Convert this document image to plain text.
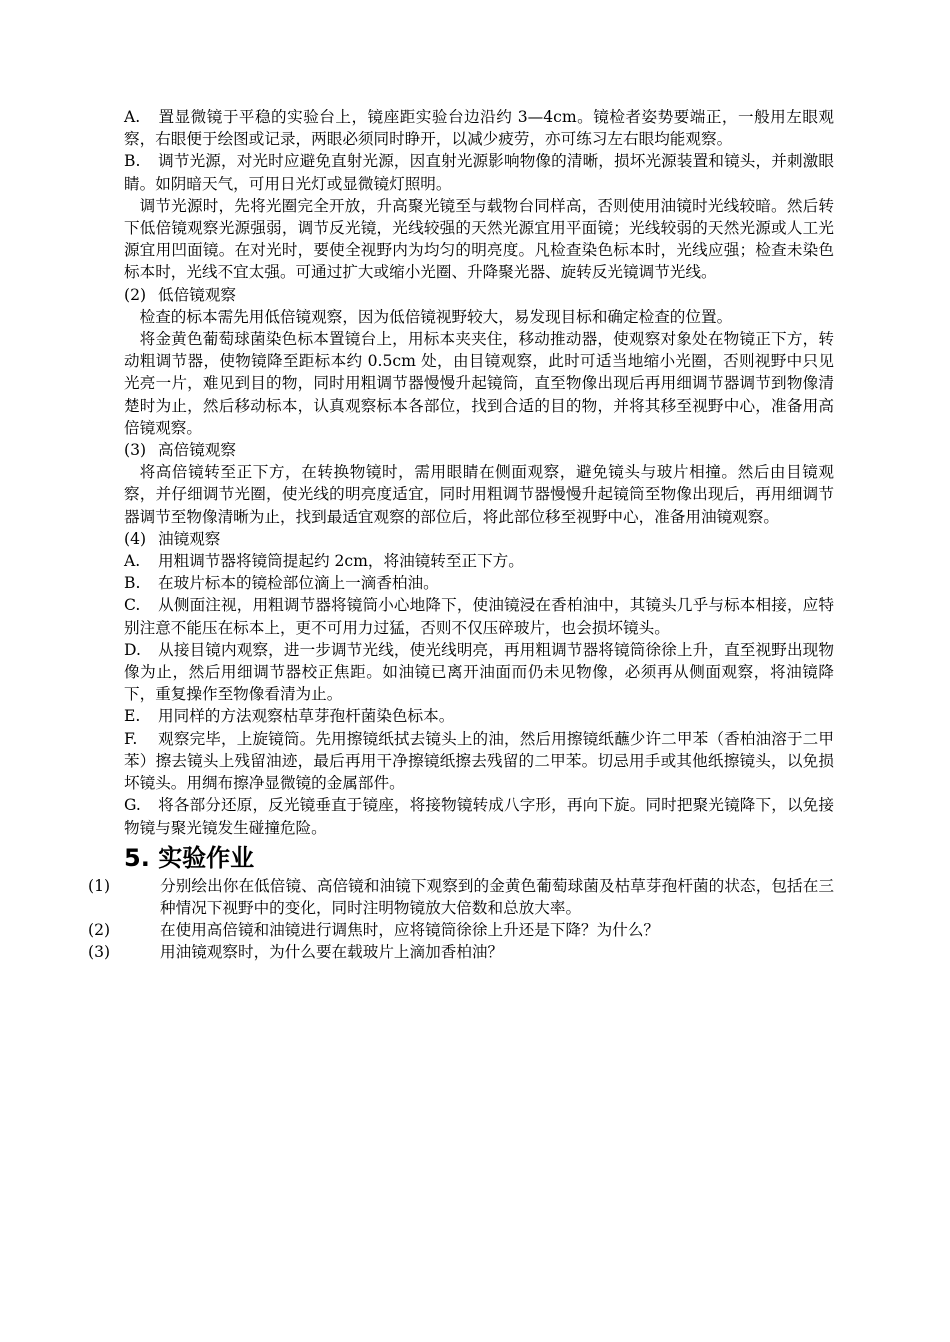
A. 置显微镜于平稳的实验台上，镜座距实验台边沿约 3—4cm。镜检者姿势要端正，一般用左眼观察，右眼便于绘图或记录，两眼必须同时睁开，以减少疲劳，亦可练习左右眼均能观察。

B. 调节光源，对光时应避免直射光源，因直射光源影响物像的清晰，损坏光源装置和镜头，并刺激眼睛。如阴暗天气，可用日光灯或显微镜灯照明。

调节光源时，先将光圈完全开放，升高聚光镜至与载物台同样高，否则使用油镜时光线较暗。然后转下低倍镜观察光源强弱，调节反光镜，光线较强的天然光源宜用平面镜；光线较弱的天然光源或人工光源宜用凹面镜。在对光时，要使全视野内为均匀的明亮度。凡检查染色标本时，光线应强；检查未染色标本时，光线不宜太强。可通过扩大或缩小光圈、升降聚光器、旋转反光镜调节光线。

(2) 低倍镜观察

检查的标本需先用低倍镜观察，因为低倍镜视野较大，易发现目标和确定检查的位置。

将金黄色葡萄球菌染色标本置镜台上，用标本夹夹住，移动推动器，使观察对象处在物镜正下方，转动粗调节器，使物镜降至距标本约 0.5cm 处，由目镜观察，此时可适当地缩小光圈，否则视野中只见光亮一片，难见到目的物，同时用粗调节器慢慢升起镜筒，直至物像出现后再用细调节器调节到物像清楚时为止，然后移动标本，认真观察标本各部位，找到合适的目的物，并将其移至视野中心，准备用高倍镜观察。

(3) 高倍镜观察

将高倍镜转至正下方，在转换物镜时，需用眼睛在侧面观察，避免镜头与玻片相撞。然后由目镜观察，并仔细调节光圈，使光线的明亮度适宜，同时用粗调节器慢慢升起镜筒至物像出现后，再用细调节器调节至物像清晰为止，找到最适宜观察的部位后，将此部位移至视野中心，准备用油镜观察。

(4) 油镜观察

A. 用粗调节器将镜筒提起约 2cm，将油镜转至正下方。

B. 在玻片标本的镜检部位滴上一滴香柏油。

C. 从侧面注视，用粗调节器将镜筒小心地降下，使油镜浸在香柏油中，其镜头几乎与标本相接，应特别注意不能压在标本上，更不可用力过猛，否则不仅压碎玻片，也会损坏镜头。

D. 从接目镜内观察，进一步调节光线，使光线明亮，再用粗调节器将镜筒徐徐上升，直至视野出现物像为止，然后用细调节器校正焦距。如油镜已离开油面而仍未见物像，必须再从侧面观察，将油镜降下，重复操作至物像看清为止。

E. 用同样的方法观察枯草芽孢杆菌染色标本。

F. 观察完毕，上旋镜筒。先用擦镜纸拭去镜头上的油，然后用擦镜纸蘸少许二甲苯（香柏油溶于二甲苯）擦去镜头上残留油迹，最后再用干净擦镜纸擦去残留的二甲苯。切忌用手或其他纸擦镜头，以免损坏镜头。用绸布擦净显微镜的金属部件。

G. 将各部分还原，反光镜垂直于镜座，将接物镜转成八字形，再向下旋。同时把聚光镜降下，以免接物镜与聚光镜发生碰撞危险。

5. 实验作业

(1)	分别绘出你在低倍镜、高倍镜和油镜下观察到的金黄色葡萄球菌及枯草芽孢杆菌的状态，包括在三种情况下视野中的变化，同时注明物镜放大倍数和总放大率。

(2)	在使用高倍镜和油镜进行调焦时，应将镜筒徐徐上升还是下降？为什么？

(3)	用油镜观察时，为什么要在载玻片上滴加香柏油？
